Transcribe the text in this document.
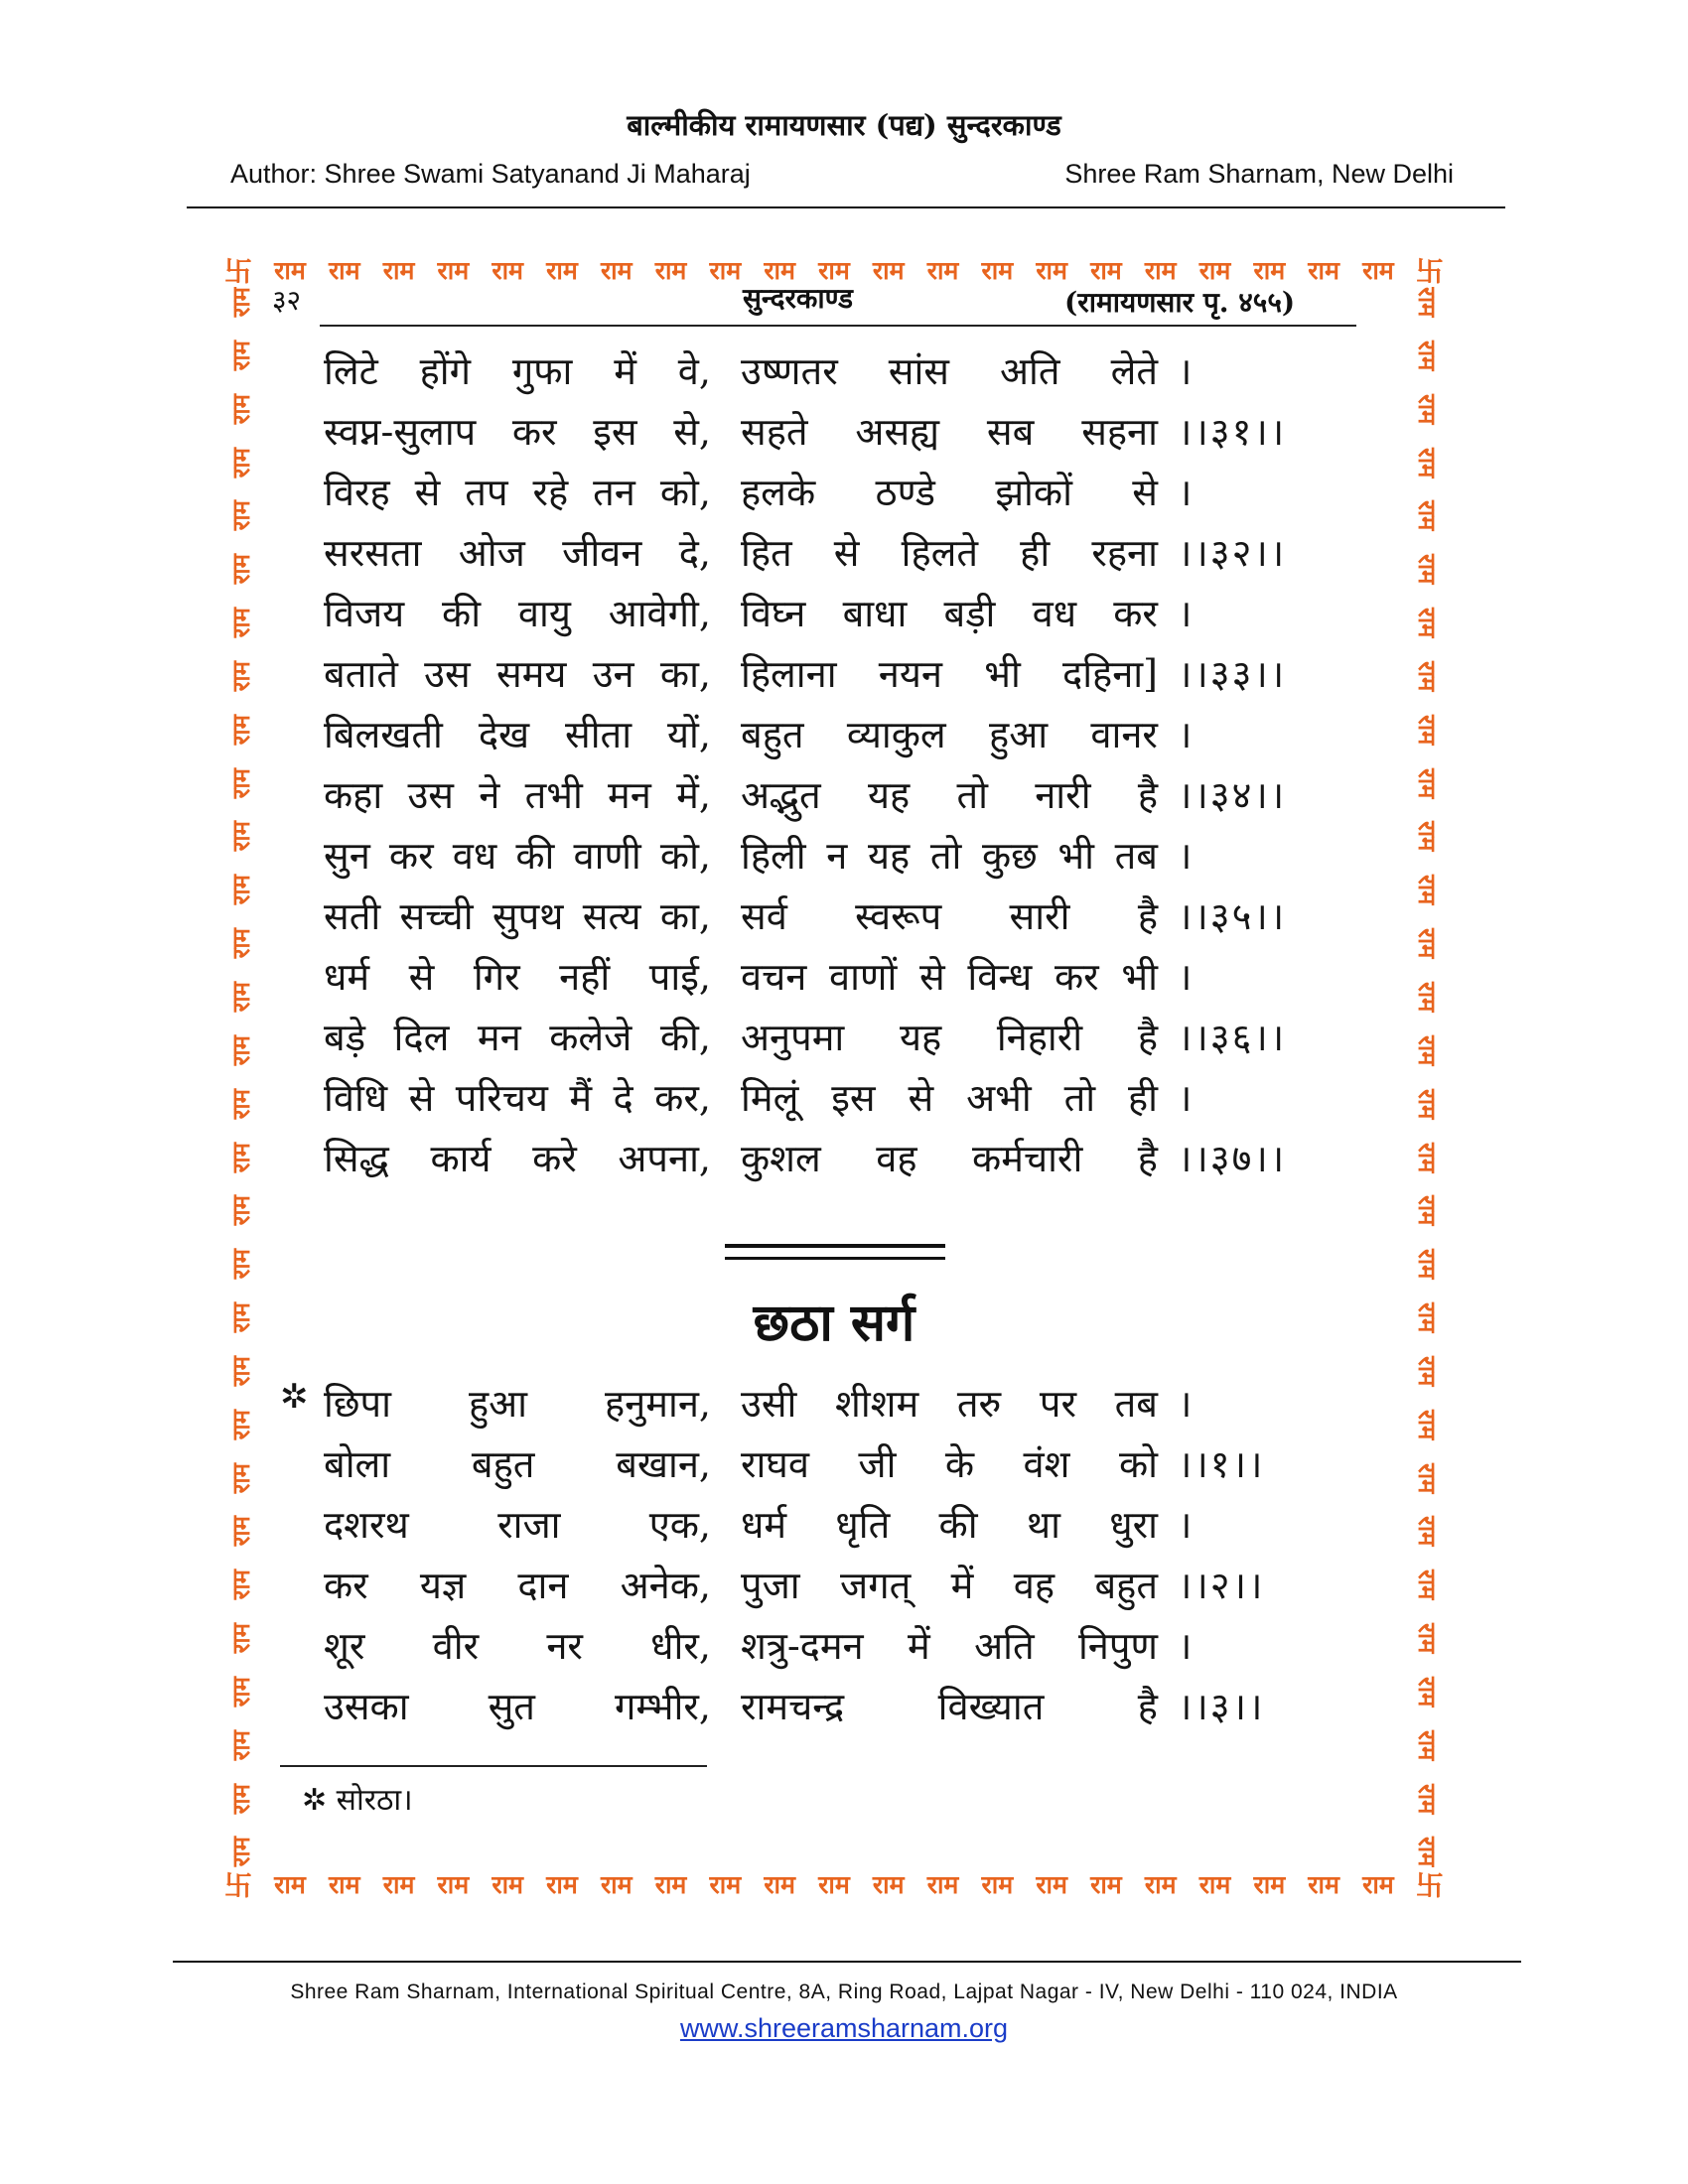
बाल्मीकीय रामायणसार (पद्य) सुन्दरकाण्ड
Author: Shree Swami Satyanand Ji Maharaj	Shree Ram Sharnam, New Delhi
卐 राम राम राम राम राम राम राम राम राम राम राम राम राम राम राम राम राम राम राम राम राम 卐
卐 राम राम राम राम राम राम राम राम राम राम राम राम राम राम राम राम राम राम राम राम राम 卐
राम
राम
राम
राम
राम
राम
राम
राम
राम
राम
राम
राम
राम
राम
राम
राम
राम
राम
राम
राम
राम
राम
राम
राम
राम
राम
राम
राम
राम
राम
राम
राम
राम
राम
राम
राम
राम
राम
राम
राम
राम
राम
राम
राम
राम
राम
राम
राम
राम
राम
राम
राम
राम
राम
राम
राम
राम
राम
राम
राम
३२	सुन्दरकाण्ड	(रामायणसार पृ. ४५५)
लिटे होंगे गुफा में वे, उष्णतर सांस अति लेते ।
स्वप्न-सुलाप कर इस से, सहते असह्य सब सहना ।।३१।।
विरह से तप रहे तन को, हलके ठण्डे झोकों से ।
सरसता ओज जीवन दे, हित से हिलते ही रहना ।।३२।।
विजय की वायु आवेगी, विघ्न बाधा बड़ी वध कर ।
बताते उस समय उन का, हिलाना नयन भी दहिना] ।।३३।।
बिलखती देख सीता यों, बहुत व्याकुल हुआ वानर ।
कहा उस ने तभी मन में, अद्भुत यह तो नारी है ।।३४।।
सुन कर वध की वाणी को, हिली न यह तो कुछ भी तब ।
सती सच्ची सुपथ सत्य का, सर्व स्वरूप सारी है ।।३५।।
धर्म से गिर नहीं पाई, वचन वाणों से विन्ध कर भी ।
बड़े दिल मन कलेजे की, अनुपमा यह निहारी है ।।३६।।
विधि से परिचय मैं दे कर, मिलूं इस से अभी तो ही ।
सिद्ध कार्य करे अपना, कुशल वह कर्मचारी है ।।३७।।
छठा सर्ग
✲ छिपा हुआ हनुमान, उसी शीशम तरु पर तब ।
बोला बहुत बखान, राघव जी के वंश को ।।१।।
दशरथ राजा एक, धर्म धृति की था धुरा ।
कर यज्ञ दान अनेक, पुजा जगत् में वह बहुत ।।२।।
शूर वीर नर धीर, शत्रु-दमन में अति निपुण ।
उसका सुत गम्भीर, रामचन्द्र विख्यात है ।।३।।
✲ सोरठा।
Shree Ram Sharnam, International Spiritual Centre, 8A, Ring Road, Lajpat Nagar - IV, New Delhi - 110 024, INDIA
www.shreeramsharnam.org
